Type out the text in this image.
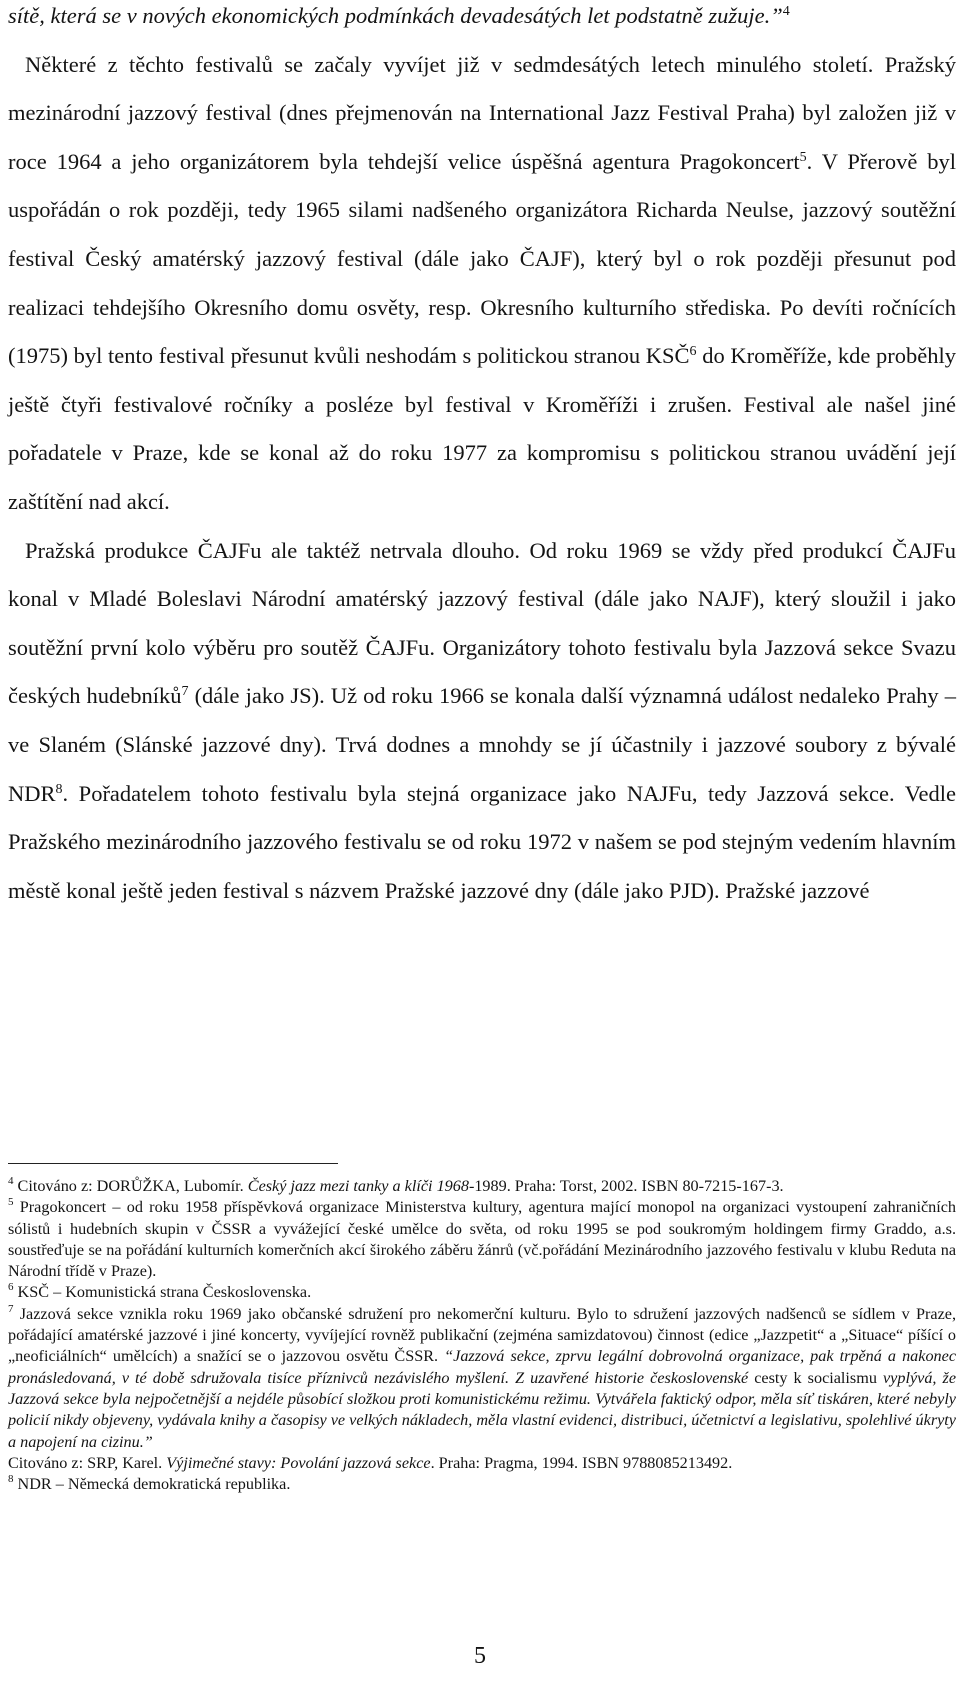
sítě, která se v nových ekonomických podmínkách devadesátých let podstatně zužuje.”$^4$

Některé z těchto festivalů se začaly vyvíjet již v sedmdesátých letech minulého století. Pražský mezinárodní jazzový festival (dnes přejmenován na International Jazz Festival Praha) byl založen již v roce 1964 a jeho organizátorem byla tehdejší velice úspěšná agentura Pragokoncert$^5$. V Přerově byl uspořádán o rok později, tedy 1965 silami nadšeného organizátora Richarda Neulse, jazzový soutěžní festival Český amatérský jazzový festival (dále jako ČAJF), který byl o rok později přesunut pod realizaci tehdejšího Okresního domu osvěty, resp. Okresního kulturního střediska. Po devíti ročnících (1975) byl tento festival přesunut kvůli neshodám s politickou stranou KSČ$^6$ do Kroměříže, kde proběhly ještě čtyři festivalové ročníky a posléze byl festival v Kroměříži i zrušen. Festival ale našel jiné pořadatele v Praze, kde se konal až do roku 1977 za kompromisu s politickou stranou uvádění její zaštítění nad akcí.

Pražská produkce ČAJFu ale taktéž netrvala dlouho. Od roku 1969 se vždy před produkcí ČAJFu konal v Mladé Boleslavi Národní amatérský jazzový festival (dále jako NAJF), který sloužil i jako soutěžní první kolo výběru pro soutěž ČAJFu. Organizátory tohoto festivalu byla Jazzová sekce Svazu českých hudebníků$^7$ (dále jako JS). Už od roku 1966 se konala další významná událost nedaleko Prahy – ve Slaném (Slánské jazzové dny). Trvá dodnes a mnohdy se jí účastnily i jazzové soubory z bývalé NDR$^8$. Pořadatelem tohoto festivalu byla stejná organizace jako NAJFu, tedy Jazzová sekce. Vedle Pražského mezinárodního jazzového festivalu se od roku 1972 v našem se pod stejným vedením hlavním městě konal ještě jeden festival s názvem Pražské jazzové dny (dále jako PJD). Pražské jazzové

$^4$ Citováno z: DORŮŽKA, Lubomír. Český jazz mezi tanky a klíči 1968-1989. Praha: Torst, 2002. ISBN 80-7215-167-3.

$^5$ Pragokoncert – od roku 1958 příspěvková organizace Ministerstva kultury, agentura mající monopol na organizaci vystoupení zahraničních sólistů i hudebních skupin v ČSSR a vyvážející české umělce do světa, od roku 1995 se pod soukromým holdingem firmy Graddo, a.s. soustřeďuje se na pořádání kulturních komerčních akcí širokého záběru žánrů (vč.pořádání Mezinárodního jazzového festivalu v klubu Reduta na Národní třídě v Praze).

$^6$ KSČ – Komunistická strana Československa.

$^7$ Jazzová sekce vznikla roku 1969 jako občanské sdružení pro nekomerční kulturu. Bylo to sdružení jazzových nadšenců se sídlem v Praze, pořádající amatérské jazzové i jiné koncerty, vyvíjející rovněž publikační (zejména samizdatovou) činnost (edice „Jazzpetit“ a „Situace“ píšící o „neoficiálních“ umělcích) a snažící se o jazzovou osvětu ČSSR. “Jazzová sekce, zprvu legální dobrovolná organizace, pak trpěná a nakonec pronásledovaná, v té době sdružovala tisíce příznivců nezávislého myšlení. Z uzavřené historie československé cesty k socialismu vyplývá, že Jazzová sekce byla nejpočetnější a nejdéle působící složkou proti komunistickému režimu. Vytvářela faktický odpor, měla síť tiskáren, které nebyly policií nikdy objeveny, vydávala knihy a časopisy ve velkých nákladech, měla vlastní evidenci, distribuci, účetnictví a legislativu, spolehlivé úkryty a napojení na cizinu.”
Citováno z: SRP, Karel. Výjimečné stavy: Povolání jazzová sekce. Praha: Pragma, 1994. ISBN 9788085213492.

$^8$ NDR – Německá demokratická republika.

5
